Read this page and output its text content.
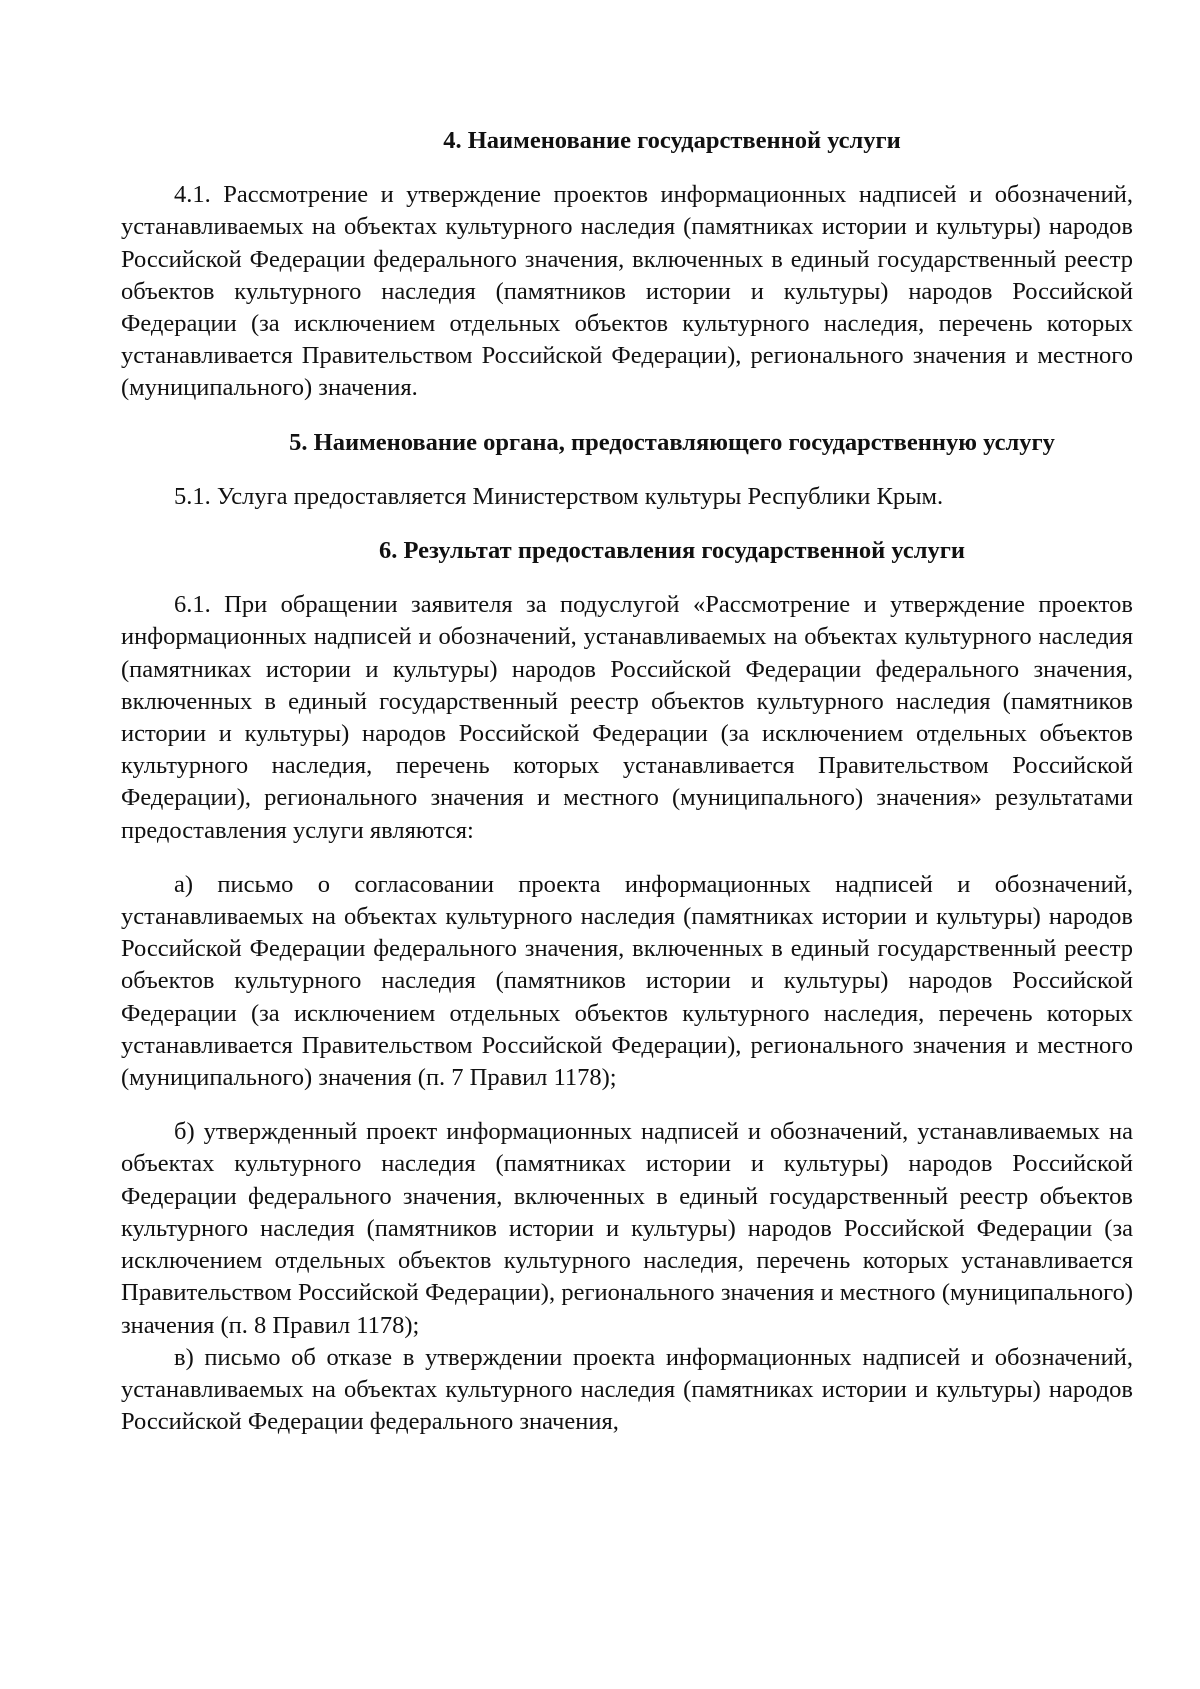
4. Наименование государственной услуги

4.1. Рассмотрение и утверждение проектов информационных надписей и обозначений, устанавливаемых на объектах культурного наследия (памятниках истории и культуры) народов Российской Федерации федерального значения, включенных в единый государственный реестр объектов культурного наследия (памятников истории и культуры) народов Российской Федерации (за исключением отдельных объектов культурного наследия, перечень которых устанавливается Правительством Российской Федерации), регионального значения и местного (муниципального) значения.

5. Наименование органа, предоставляющего государственную услугу

5.1. Услуга предоставляется Министерством культуры Республики Крым.

6. Результат предоставления государственной услуги

6.1. При обращении заявителя за подуслугой «Рассмотрение и утверждение проектов информационных надписей и обозначений, устанавливаемых на объектах культурного наследия (памятниках истории и культуры) народов Российской Федерации федерального значения, включенных в единый государственный реестр объектов культурного наследия (памятников истории и культуры) народов Российской Федерации (за исключением отдельных объектов культурного наследия, перечень которых устанавливается Правительством Российской Федерации), регионального значения и местного (муниципального) значения» результатами предоставления услуги являются:

а) письмо о согласовании проекта информационных надписей и обозначений, устанавливаемых на объектах культурного наследия (памятниках истории и культуры) народов Российской Федерации федерального значения, включенных в единый государственный реестр объектов культурного наследия (памятников истории и культуры) народов Российской Федерации (за исключением отдельных объектов культурного наследия, перечень которых устанавливается Правительством Российской Федерации), регионального значения и местного (муниципального) значения (п. 7 Правил 1178);

б) утвержденный проект информационных надписей и обозначений, устанавливаемых на объектах культурного наследия (памятниках истории и культуры) народов Российской Федерации федерального значения, включенных в единый государственный реестр объектов культурного наследия (памятников истории и культуры) народов Российской Федерации (за исключением отдельных объектов культурного наследия, перечень которых устанавливается Правительством Российской Федерации), регионального значения и местного (муниципального) значения (п. 8 Правил 1178);

в) письмо об отказе в утверждении проекта информационных надписей и обозначений, устанавливаемых на объектах культурного наследия (памятниках истории и культуры) народов Российской Федерации федерального значения,
